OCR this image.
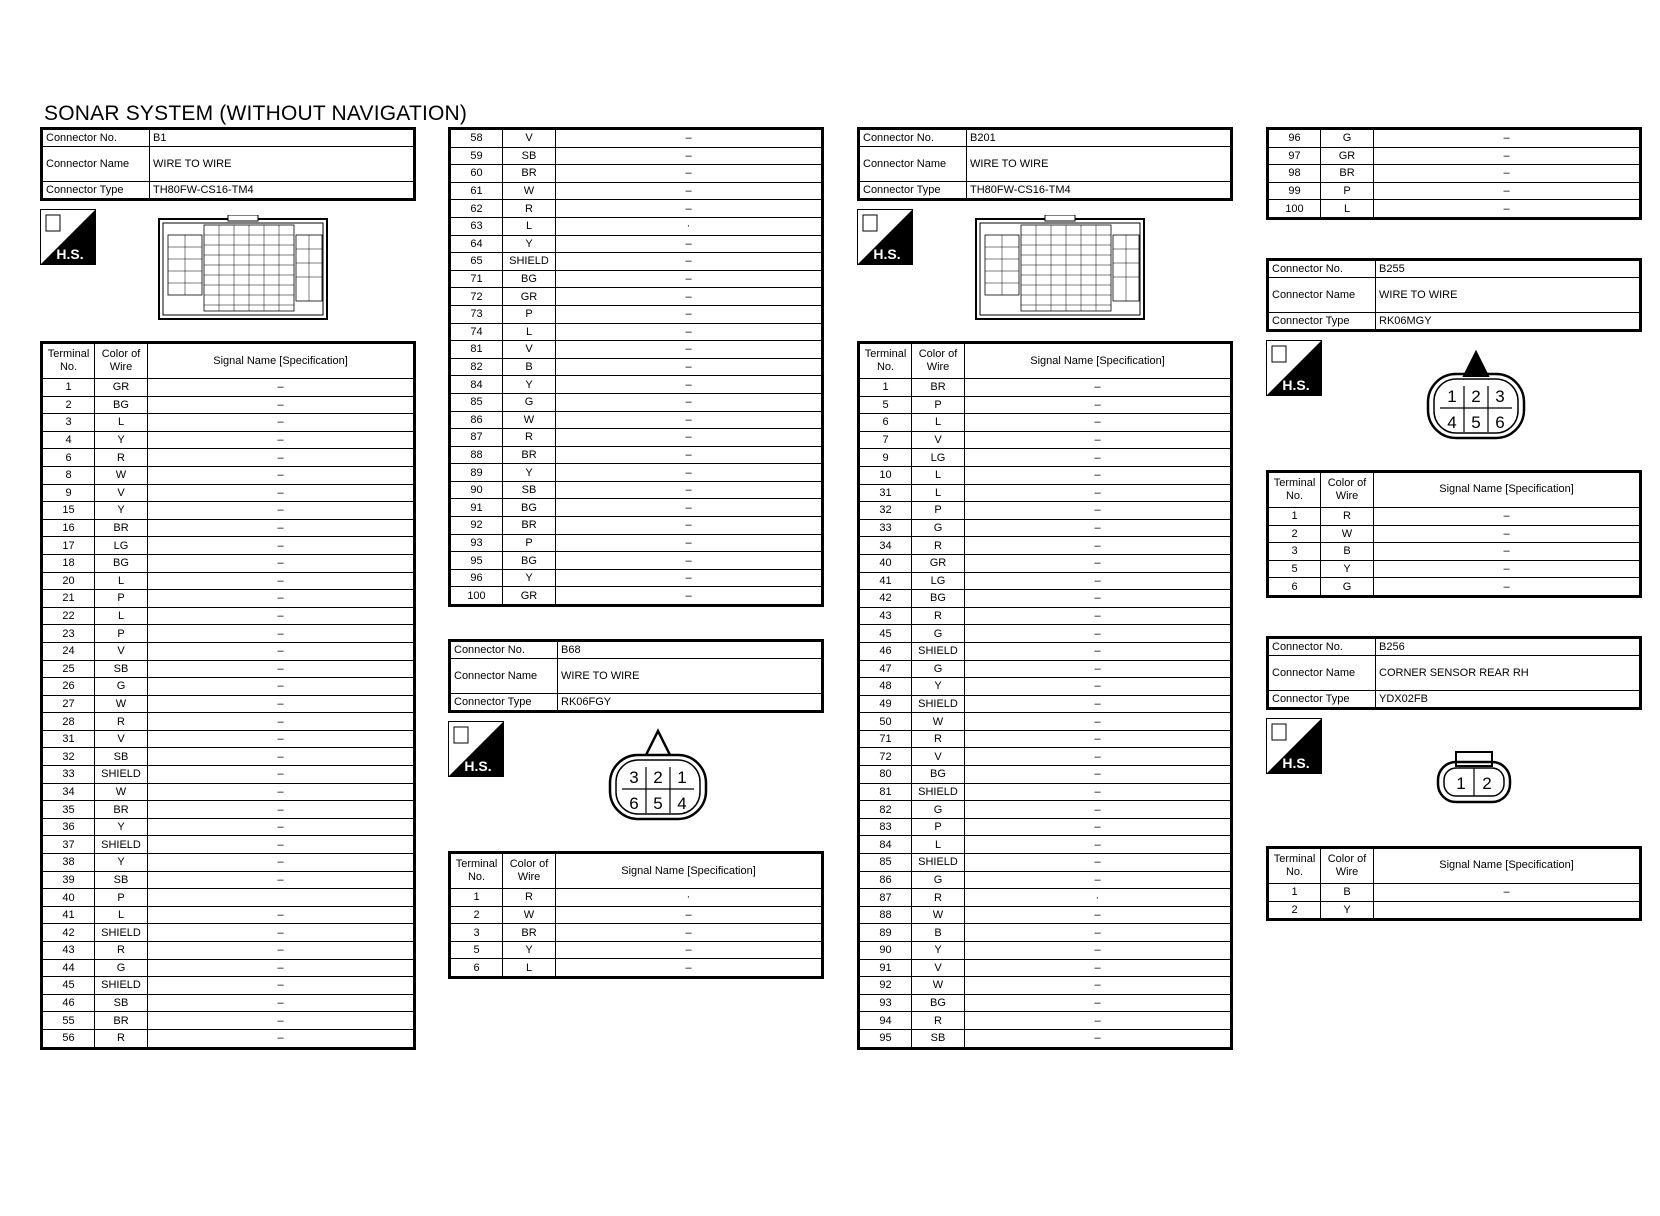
SONAR SYSTEM (WITHOUT NAVIGATION)
Connector No.	B1
Connector Name	WIRE TO WIRE
Connector Type	TH80FW-CS16-TM4
H.S.
Terminal No.	Color of Wire	Signal Name [Specification]
1	GR	–
2	BG	–
3	L	–
4	Y	–
6	R	–
8	W	–
9	V	–
15	Y	–
16	BR	–
17	LG	–
18	BG	–
20	L	–
21	P	–
22	L	–
23	P	–
24	V	–
25	SB	–
26	G	–
27	W	–
28	R	–
31	V	–
32	SB	–
33	SHIELD	–
34	W	–
35	BR	–
36	Y	–
37	SHIELD	–
38	Y	–
39	SB	–
40	P	
41	L	–
42	SHIELD	–
43	R	–
44	G	–
45	SHIELD	–
46	SB	–
55	BR	–
56	R	–
58	V	–
59	SB	–
60	BR	–
61	W	–
62	R	–
63	L	·
64	Y	–
65	SHIELD	–
71	BG	–
72	GR	–
73	P	–
74	L	–
81	V	–
82	B	–
84	Y	–
85	G	–
86	W	–
87	R	–
88	BR	–
89	Y	–
90	SB	–
91	BG	–
92	BR	–
93	P	–
95	BG	–
96	Y	–
100	GR	–
Connector No.	B68
Connector Name	WIRE TO WIRE
Connector Type	RK06FGY
H.S.
3 2 1
6 5 4
Terminal No.	Color of Wire	Signal Name [Specification]
1	R	·
2	W	–
3	BR	–
5	Y	–
6	L	–
Connector No.	B201
Connector Name	WIRE TO WIRE
Connector Type	TH80FW-CS16-TM4
H.S.
Terminal No.	Color of Wire	Signal Name [Specification]
1	BR	–
5	P	–
6	L	–
7	V	–
9	LG	–
10	L	–
31	L	–
32	P	–
33	G	–
34	R	–
40	GR	–
41	LG	–
42	BG	–
43	R	–
45	G	–
46	SHIELD	–
47	G	–
48	Y	–
49	SHIELD	–
50	W	–
71	R	–
72	V	–
80	BG	–
81	SHIELD	–
82	G	–
83	P	–
84	L	–
85	SHIELD	–
86	G	–
87	R	·
88	W	–
89	B	–
90	Y	–
91	V	–
92	W	–
93	BG	–
94	R	–
95	SB	–
96	G	–
97	GR	–
98	BR	–
99	P	–
100	L	–
Connector No.	B255
Connector Name	WIRE TO WIRE
Connector Type	RK06MGY
H.S.
1 2 3
4 5 6
Terminal No.	Color of Wire	Signal Name [Specification]
1	R	–
2	W	–
3	B	–
5	Y	–
6	G	–
Connector No.	B256
Connector Name	CORNER SENSOR REAR RH
Connector Type	YDX02FB
H.S.
1 2
Terminal No.	Color of Wire	Signal Name [Specification]
1	B	–
2	Y	
